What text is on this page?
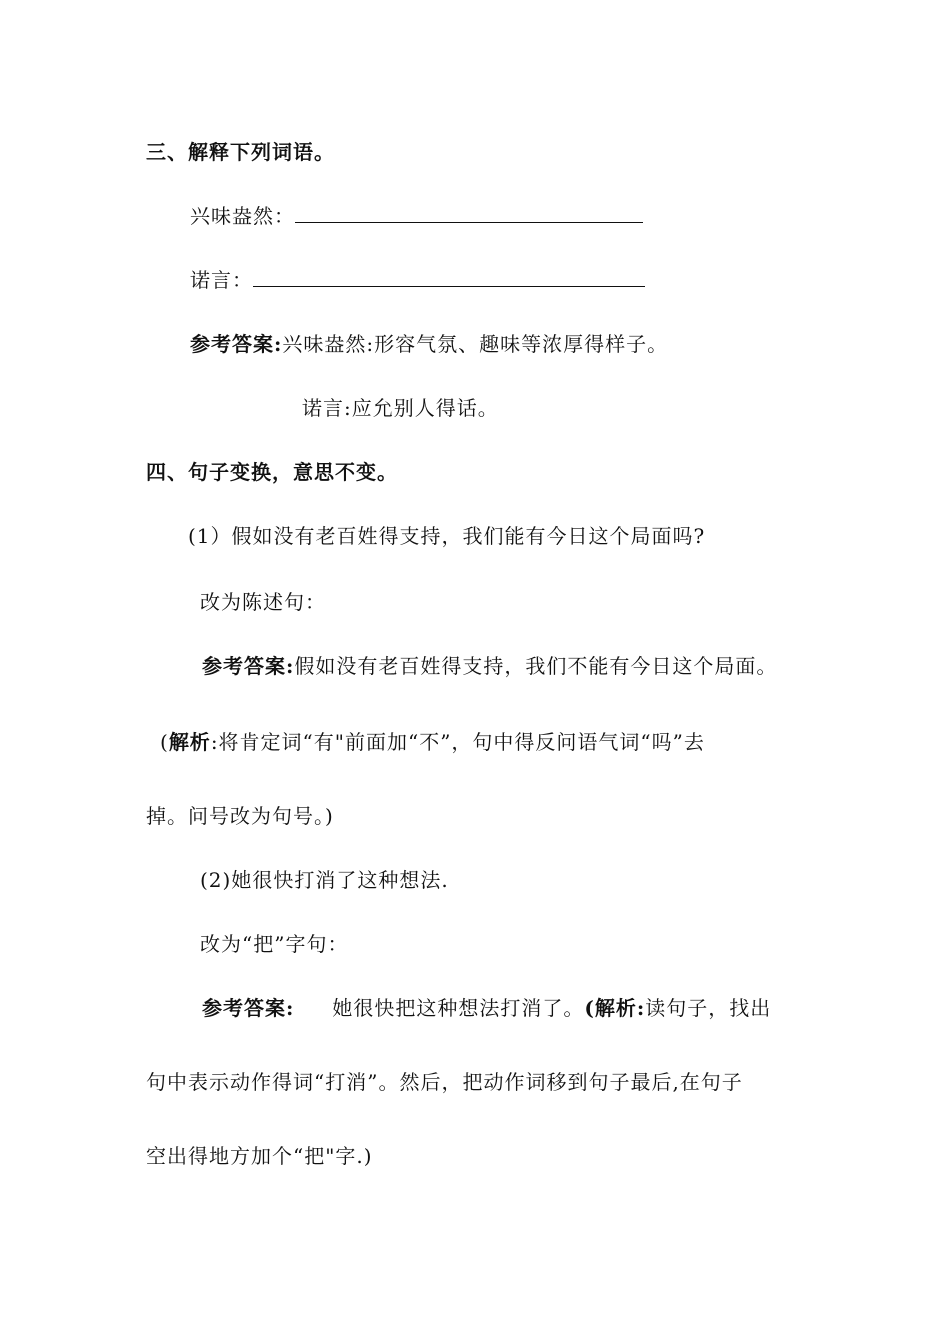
三、解释下列词语。
兴味盎然：
诺言：
参考答案:兴味盎然:形容气氛、趣味等浓厚得样子。
诺言:应允别人得话。
四、句子变换，意思不变。
(1）假如没有老百姓得支持，我们能有今日这个局面吗?
改为陈述句：
参考答案:假如没有老百姓得支持，我们不能有今日这个局面。
(解析:将肯定词“有"前面加“不”，句中得反问语气词“吗”去
掉。问号改为句号。)
(2)她很快打消了这种想法.
改为“把”字句：
参考答案: 她很快把这种想法打消了。(解析:读句子，找出
句中表示动作得词“打消”。然后，把动作词移到句子最后,在句子
空出得地方加个“把"字.)
